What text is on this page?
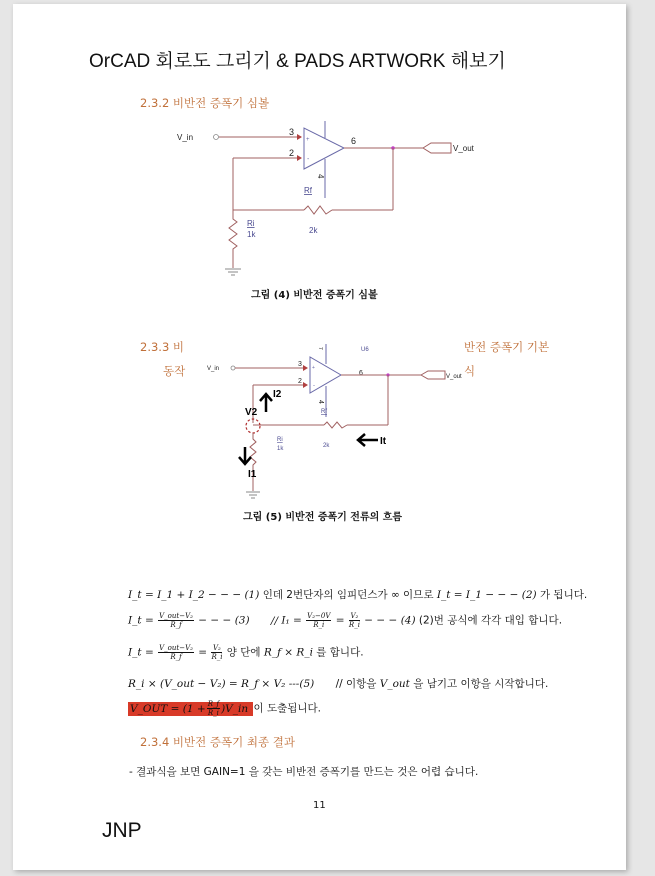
OrCAD 회로도 그리기 & PADS ARTWORK 해보기
2.3.2 비반전 증폭기 심볼
V_in
3
2
+
-
4
6
V_out
Rf
2k
Ri
1k
그림 (4) 비반전 증폭기 심볼
2.3.3 비
동작
반전 증폭기 기본
식
V_in
3
2
+
-
7
4
U6
6	V_out
Rf
2k
Ri
1k
I2
V2
I1
It
그림 (5) 비반전 증폭기 전류의 흐름
I_t = I_1 + I_2 − − − (1) 인데 2번단자의 임피던스가 ∞ 이므로 I_t = I_1 − − − (2) 가 됩니다.
I_t = $\frac{\text{V\_out−V₂}}{R\_f}$ − − − $(3) // I_1 = \frac{\text{V₂−0V}}{R\_i} = \frac{\text{V₂}}{R\_i}$ − − − (4) (2)번 공식에 각각 대입 합니다.
I_t = $\frac{\text{V\_out−V₂}}{R\_f} = \frac{\text{V₂}}{R\_i}$ 양 단에 R_f × R_i 를 합니다.
R_i × (V_out − V₂) = R_f × V₂ ---(5) // 이항을 V_out 을 남기고 이항을 시작합니다.
V_OUT = ($1 + \frac{R\_f}{R\_i}$ )V_in 이 도출됩니다.
2.3.4 비반전 증폭기 최종 결과
- 결과식을 보면 GAIN=1 을 갖는 비반전 증폭기를 만드는 것은 어렵 습니다.
11
JNP
